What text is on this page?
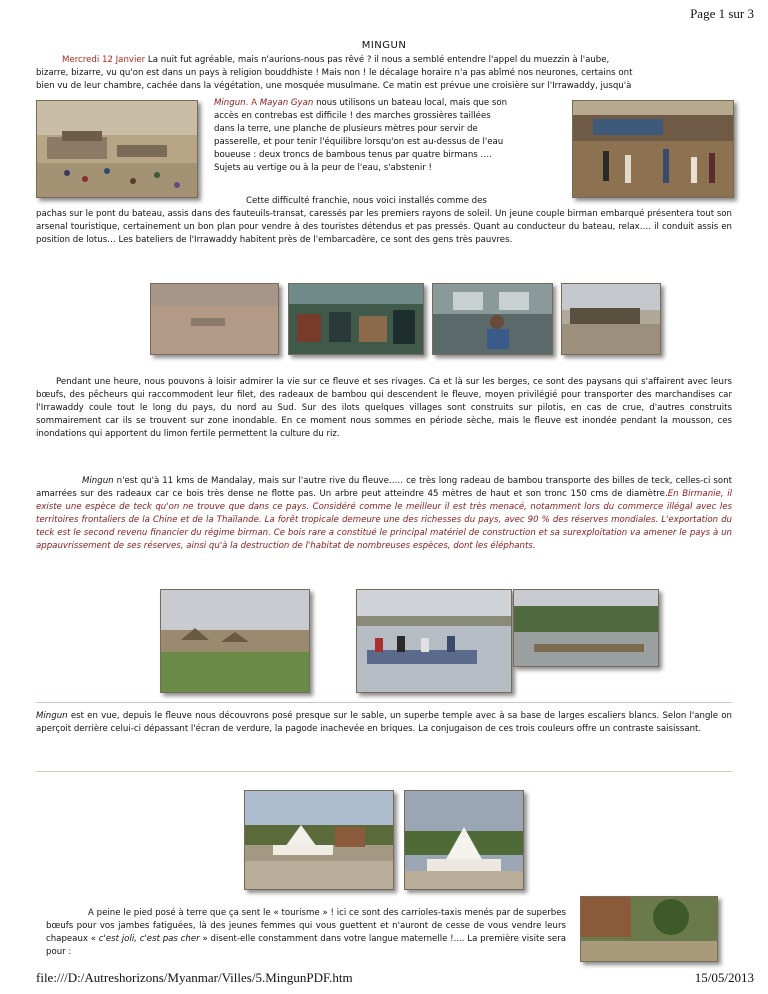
Page 1 sur 3
MINGUN

Mercredi 12 Janvier La nuit fut agréable, mais n'aurions-nous pas rêvé ? il nous a semblé entendre l'appel du muezzin à l'aube,

bizarre, bizarre, vu qu'on est dans un pays à religion bouddhiste ! Mais non ! le décalage horaire n'a pas abîmé nos neurones, certains ont

bien vu de leur chambre, cachée dans la végétation, une mosquée musulmane. Ce matin est prévue une croisière sur l'Irrawaddy, jusqu'à

Mingun. A Mayan Gyan nous utilisons un bateau local, mais que son

accès en contrebas est difficile ! des marches grossières taillées

dans la terre, une planche de plusieurs mètres pour servir de

passerelle, et pour tenir l'équilibre lorsqu'on est au-dessus de l'eau

boueuse : deux troncs de bambous tenus par quatre birmans ….

Sujets au vertige ou à la peur de l'eau, s'abstenir !

Cette difficulté franchie, nous voici installés comme des

pachas sur le pont du bateau, assis dans des fauteuils-transat, caressés par les premiers rayons de soleil. Un jeune couple birman embarqué présentera tout son arsenal touristique, certainement un bon plan pour vendre à des touristes détendus et pas pressés. Quant au conducteur du bateau, relax…. il conduit assis en position de lotus… Les bateliers de l'Irrawaddy habitent près de l'embarcadère, ce sont des gens très pauvres.

Pendant une heure, nous pouvons à loisir admirer la vie sur ce fleuve et ses rivages. Ca et là sur les berges, ce sont des paysans qui s'affairent avec leurs bœufs, des pêcheurs qui raccommodent leur filet, des radeaux de bambou qui descendent le fleuve, moyen privilégié pour transporter des marchandises car l'Irrawaddy coule tout le long du pays, du nord au Sud. Sur des ilots quelques villages sont construits sur pilotis, en cas de crue, d'autres construits sommairement car ils se trouvent sur zone inondable. En ce moment nous sommes en période sèche, mais le fleuve est inondée pendant la mousson, ces inondations qui apportent du limon fertile permettent la culture du riz.

Mingun n'est qu'à 11 kms de Mandalay, mais sur l'autre rive du fleuve….. ce très long radeau de bambou transporte des billes de teck, celles-ci sont amarrées sur des radeaux car ce bois très dense ne flotte pas. Un arbre peut atteindre 45 mètres de haut et son tronc 150 cms de diamètre.En Birmanie, il existe une espèce de teck qu'on ne trouve que dans ce pays. Considéré comme le meilleur il est très menacé, notamment lors du commerce illégal avec les territoires frontaliers de la Chine et de la Thaïlande. La forêt tropicale demeure une des richesses du pays, avec 90 % des réserves mondiales. L'exportation du teck est le second revenu financier du régime birman. Ce bois rare a constitué le principal matériel de construction et sa surexploitation va amener le pays à un appauvrissement de ses réserves, ainsi qu'à la destruction de l'habitat de nombreuses espèces, dont les éléphants.

Mingun est en vue, depuis le fleuve nous découvrons posé presque sur le sable, un superbe temple avec à sa base de larges escaliers blancs. Selon l'angle on aperçoit derrière celui-ci dépassant l'écran de verdure, la pagode inachevée en briques. La conjugaison de ces trois couleurs offre un contraste saisissant.

A peine le pied posé à terre que ça sent le « tourisme » ! ici ce sont des carrioles-taxis menés par de superbes bœufs pour vos jambes fatiguées, là des jeunes femmes qui vous guettent et n'auront de cesse de vous vendre leurs chapeaux « c'est joli, c'est pas cher » disent-elle constamment dans votre langue maternelle !.... La première visite sera pour :

file:///D:/Autreshorizons/Myanmar/Villes/5.MingunPDF.htm	15/05/2013
